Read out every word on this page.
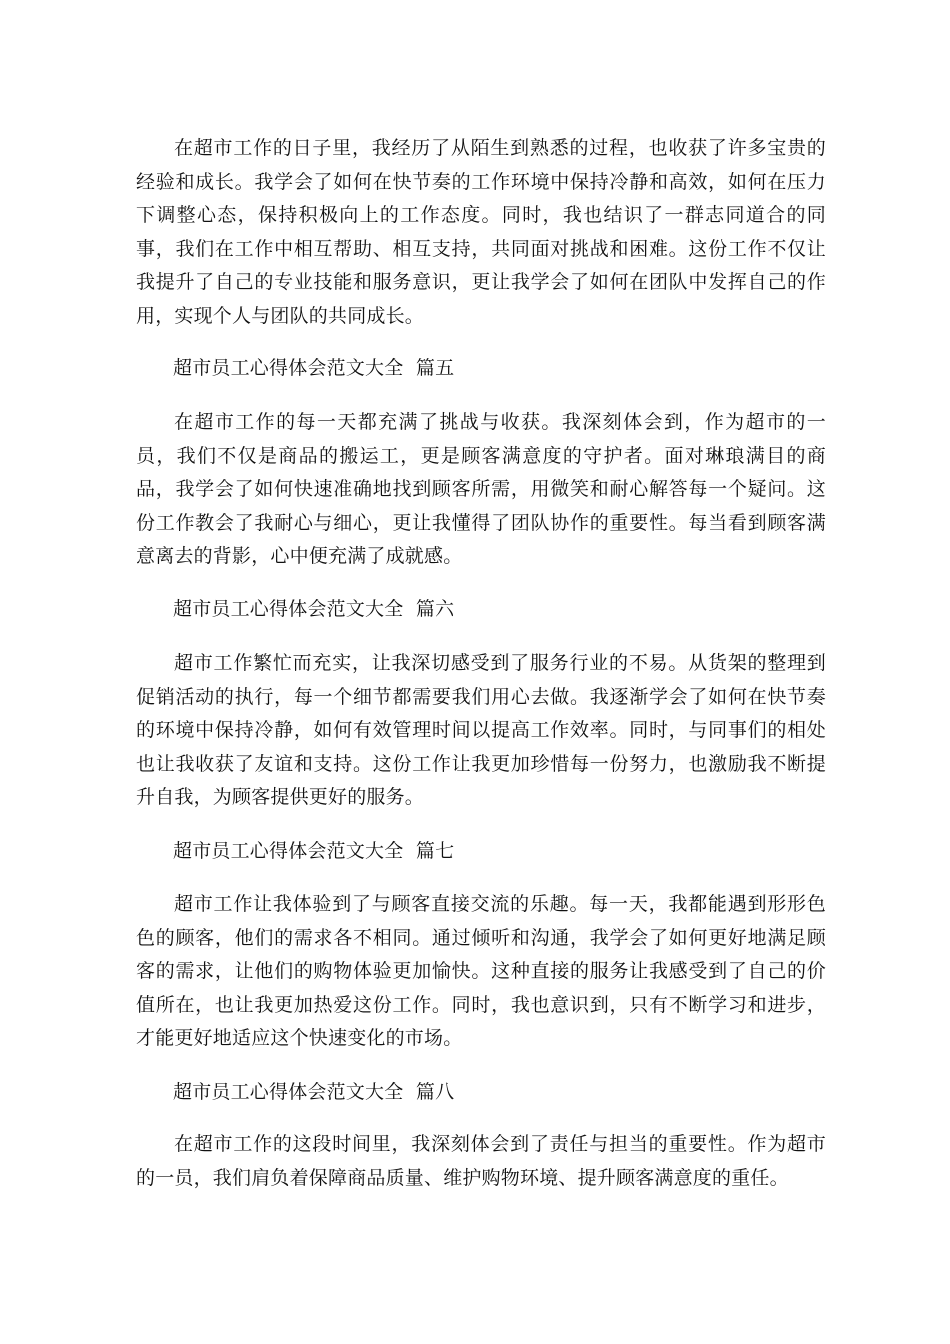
在超市工作的日子里，我经历了从陌生到熟悉的过程，也收获了许多宝贵的经验和成长。我学会了如何在快节奏的工作环境中保持冷静和高效，如何在压力下调整心态，保持积极向上的工作态度。同时，我也结识了一群志同道合的同事，我们在工作中相互帮助、相互支持，共同面对挑战和困难。这份工作不仅让我提升了自己的专业技能和服务意识，更让我学会了如何在团队中发挥自己的作用，实现个人与团队的共同成长。

超市员工心得体会范文大全  篇五

在超市工作的每一天都充满了挑战与收获。我深刻体会到，作为超市的一员，我们不仅是商品的搬运工，更是顾客满意度的守护者。面对琳琅满目的商品，我学会了如何快速准确地找到顾客所需，用微笑和耐心解答每一个疑问。这份工作教会了我耐心与细心，更让我懂得了团队协作的重要性。每当看到顾客满意离去的背影，心中便充满了成就感。

超市员工心得体会范文大全  篇六

超市工作繁忙而充实，让我深切感受到了服务行业的不易。从货架的整理到促销活动的执行，每一个细节都需要我们用心去做。我逐渐学会了如何在快节奏的环境中保持冷静，如何有效管理时间以提高工作效率。同时，与同事们的相处也让我收获了友谊和支持。这份工作让我更加珍惜每一份努力，也激励我不断提升自我，为顾客提供更好的服务。

超市员工心得体会范文大全  篇七

超市工作让我体验到了与顾客直接交流的乐趣。每一天，我都能遇到形形色色的顾客，他们的需求各不相同。通过倾听和沟通，我学会了如何更好地满足顾客的需求，让他们的购物体验更加愉快。这种直接的服务让我感受到了自己的价值所在，也让我更加热爱这份工作。同时，我也意识到，只有不断学习和进步，才能更好地适应这个快速变化的市场。

超市员工心得体会范文大全  篇八

在超市工作的这段时间里，我深刻体会到了责任与担当的重要性。作为超市的一员，我们肩负着保障商品质量、维护购物环境、提升顾客满意度的重任。
